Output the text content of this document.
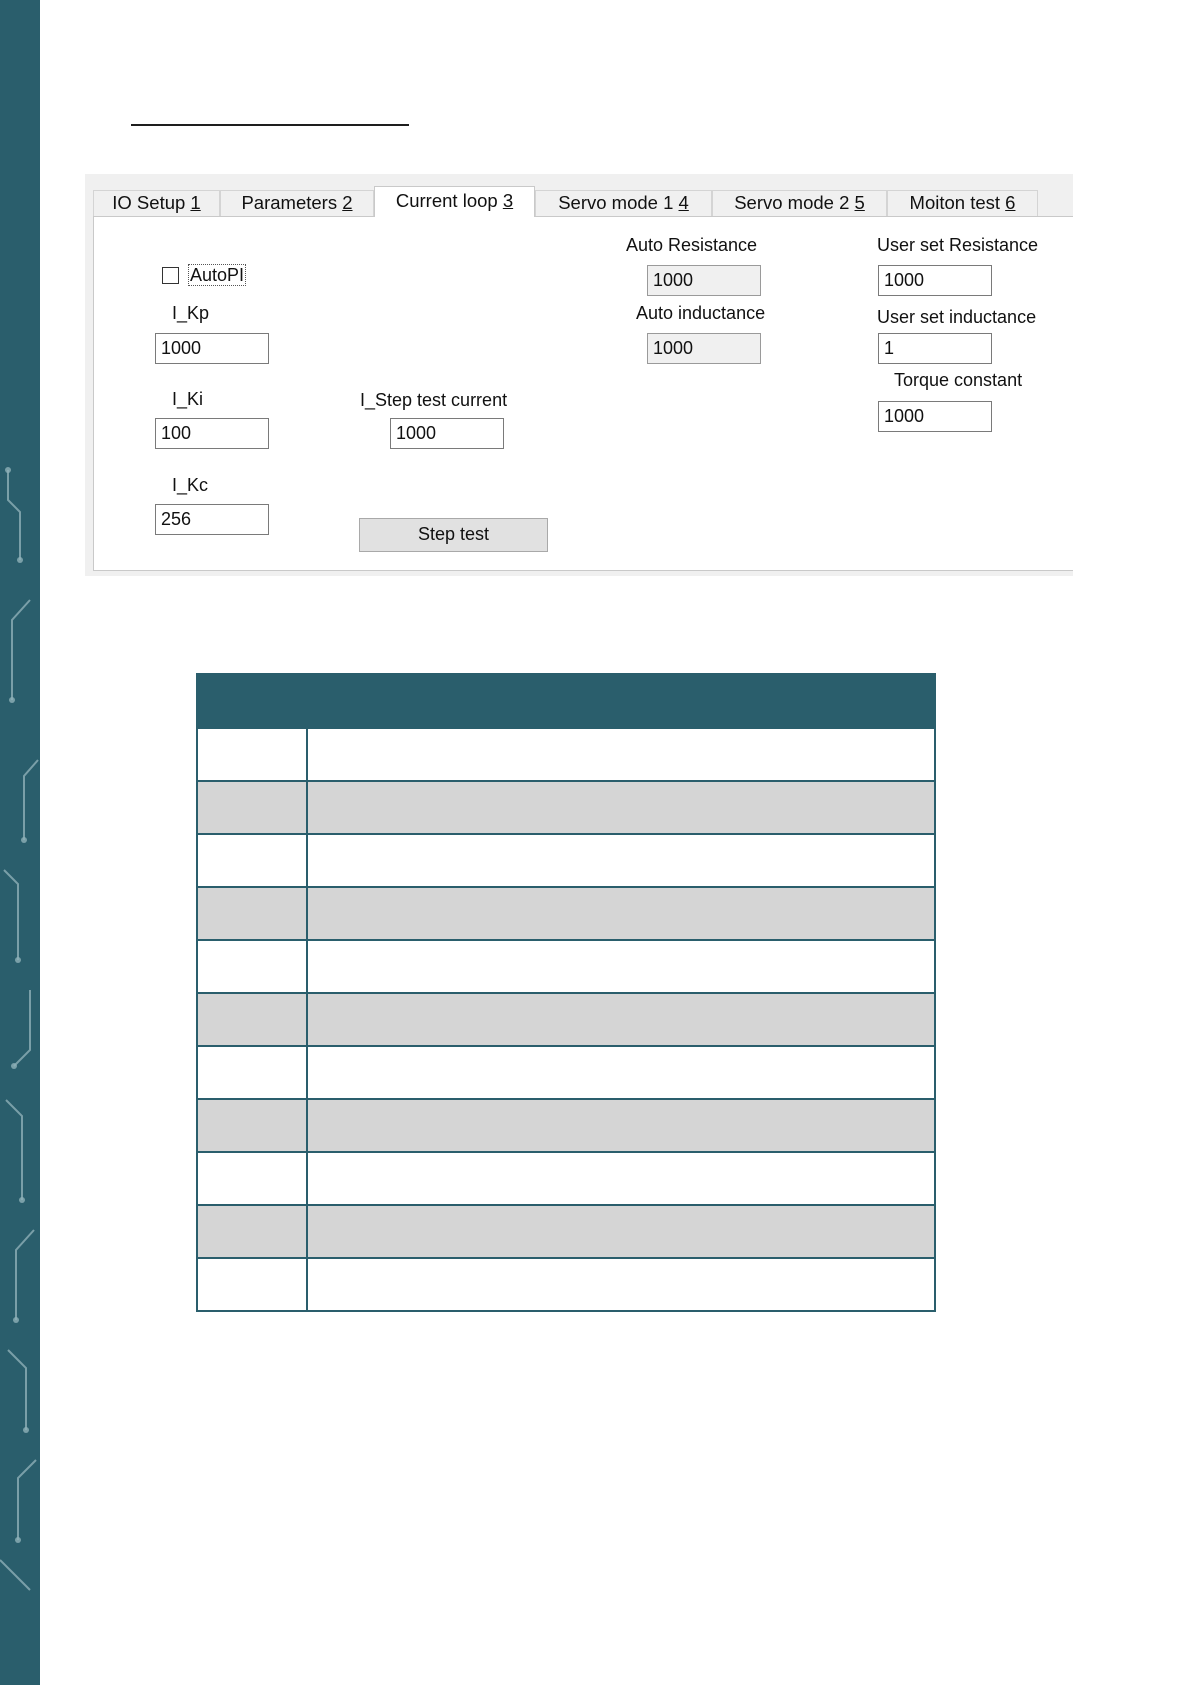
IO Setup 1	Parameters 2	Current loop 3	Servo mode 1 4	Servo mode 2 5	Moiton test 6
AutoPI
I_Kp
1000
I_Ki
100
I_Kc
256
I_Step test current
1000
Step test
Auto Resistance
1000
Auto inductance
1000
User set Resistance
1000
User set inductance
1
Torque constant
1000
